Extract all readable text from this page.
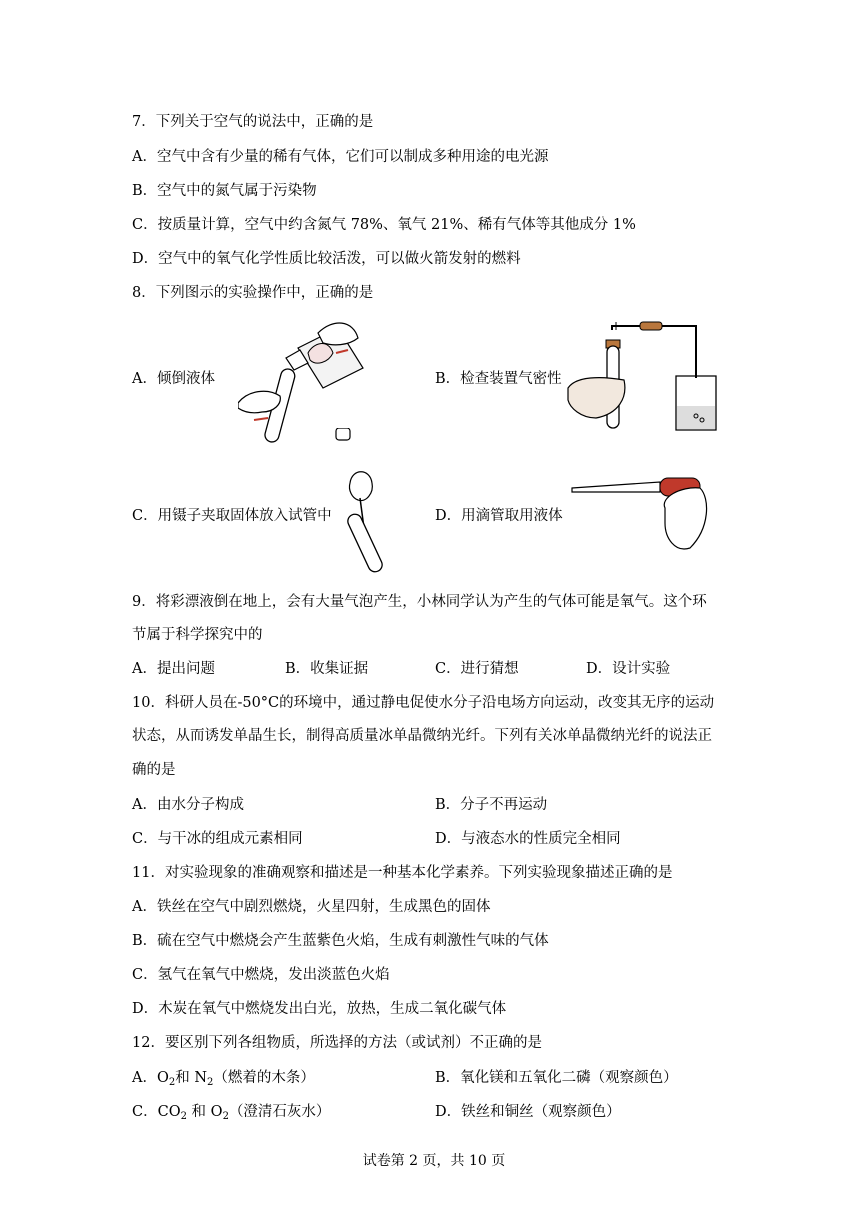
7．下列关于空气的说法中，正确的是
A．空气中含有少量的稀有气体，它们可以制成多种用途的电光源
B．空气中的氮气属于污染物
C．按质量计算，空气中约含氮气 78%、氧气 21%、稀有气体等其他成分 1%
D．空气中的氧气化学性质比较活泼，可以做火箭发射的燃料
8．下列图示的实验操作中，正确的是
A．倾倒液体	B．检查装置气密性
C．用镊子夹取固体放入试管中	D．用滴管取用液体
9．将彩漂液倒在地上，会有大量气泡产生，小林同学认为产生的气体可能是氧气。这个环
节属于科学探究中的
A．提出问题	B．收集证据	C．进行猜想	D．设计实验
10．科研人员在-50°C的环境中，通过静电促使水分子沿电场方向运动，改变其无序的运动
状态，从而诱发单晶生长，制得高质量冰单晶微纳光纤。下列有关冰单晶微纳光纤的说法正
确的是
A．由水分子构成	B．分子不再运动
C．与干冰的组成元素相同	D．与液态水的性质完全相同
11．对实验现象的准确观察和描述是一种基本化学素养。下列实验现象描述正确的是
A．铁丝在空气中剧烈燃烧，火星四射，生成黑色的固体
B．硫在空气中燃烧会产生蓝紫色火焰，生成有刺激性气味的气体
C．氢气在氧气中燃烧，发出淡蓝色火焰
D．木炭在氧气中燃烧发出白光，放热，生成二氧化碳气体
12．要区别下列各组物质，所选择的方法（或试剂）不正确的是
A．$O_2$和 $N_2$（燃着的木条）	B．氧化镁和五氧化二磷（观察颜色）
C．$CO_2$ 和 $O_2$（澄清石灰水）	D．铁丝和铜丝（观察颜色）
试卷第 2 页，共 10 页
